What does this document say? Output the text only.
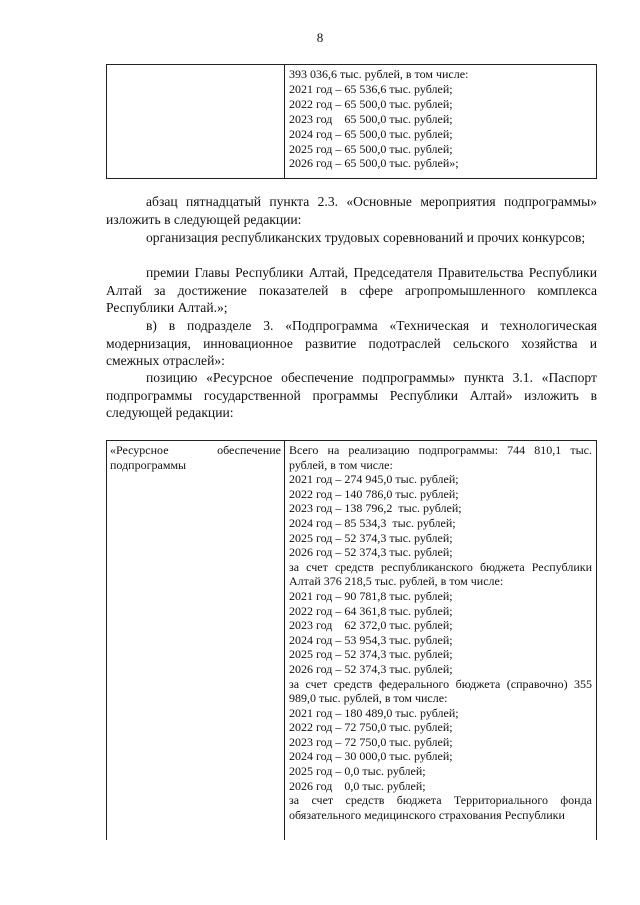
8
393 036,6 тыс. рублей, в том числе:
2021 год – 65 536,6 тыс. рублей;
2022 год – 65 500,0 тыс. рублей;
2023 год    65 500,0 тыс. рублей;
2024 год – 65 500,0 тыс. рублей;
2025 год – 65 500,0 тыс. рублей;
2026 год – 65 500,0 тыс. рублей»;
абзац пятнадцатый пункта 2.3. «Основные мероприятия подпрограммы» изложить в следующей редакции:
организация республиканских трудовых соревнований и прочих конкурсов;
премии Главы Республики Алтай, Председателя Правительства Республики Алтай за достижение показателей в сфере агропромышленного комплекса Республики Алтай.»;
в) в подразделе 3. «Подпрограмма «Техническая и технологическая модернизация, инновационное развитие подотраслей сельского хозяйства и смежных отраслей»:
позицию «Ресурсное обеспечение подпрограммы» пункта 3.1. «Паспорт подпрограммы государственной программы Республики Алтай» изложить в следующей редакции:
«Ресурсное обеспечение подпрограммы
Всего на реализацию подпрограммы: 744 810,1 тыс. рублей, в том числе:
2021 год – 274 945,0 тыс. рублей;
2022 год – 140 786,0 тыс. рублей;
2023 год – 138 796,2  тыс. рублей;
2024 год – 85 534,3  тыс. рублей;
2025 год – 52 374,3 тыс. рублей;
2026 год – 52 374,3 тыс. рублей;
за счет средств республиканского бюджета Республики Алтай 376 218,5 тыс. рублей, в том числе:
2021 год – 90 781,8 тыс. рублей;
2022 год – 64 361,8 тыс. рублей;
2023 год    62 372,0 тыс. рублей;
2024 год – 53 954,3 тыс. рублей;
2025 год – 52 374,3 тыс. рублей;
2026 год – 52 374,3 тыс. рублей;
за счет средств федерального бюджета (справочно) 355 989,0 тыс. рублей, в том числе:
2021 год – 180 489,0 тыс. рублей;
2022 год – 72 750,0 тыс. рублей;
2023 год – 72 750,0 тыс. рублей;
2024 год – 30 000,0 тыс. рублей;
2025 год – 0,0 тыс. рублей;
2026 год    0,0 тыс. рублей;
за счет средств бюджета Территориального фонда обязательного медицинского страхования Республики
